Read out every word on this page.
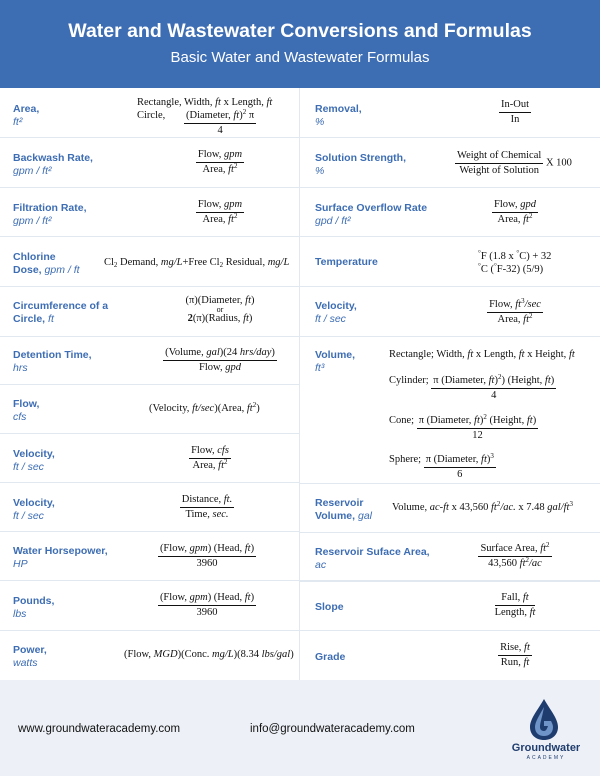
Water and Wastewater Conversions and Formulas
Basic Water and Wastewater Formulas
Area,
ft²
Rectangle, Width, ft x Length, ft
Circle, $\frac{(Diameter, ft)^2 \pi}{4}$
Backwash Rate,
gpm / ft²	$\frac{\text{Flow, gpm}}{Area, ft^2}$
Filtration Rate,
gpm / ft²	$\frac{\text{Flow, gpm}}{Area, ft^2}$
Chlorine
Dose, gpm / ft
$Cl_2$ Demand, mg/L+Free $Cl_2$ Residual, mg/L
Circumference of a
Circle, ft
(π)(Diameter, ft)
or
2(π)(Radius, ft)
Detention Time,
hrs	$\frac{\text{(Volume, gal)(24 hrs/day)}}{\text{Flow, gpd}}$
Flow,
cfs
(Velocity, ft/sec)(Area, $ft^2$)
Velocity,
ft / sec	$\frac{\text{Flow, cfs}}{Area, ft^2}$
Velocity,
ft / sec	$\frac{\text{Distance, ft.}}{\text{Time, sec.}}$
Water Horsepower,
HP	$\frac{\text{(Flow, gpm) (Head, ft)}}{3960}$
Pounds,
lbs	$\frac{\text{(Flow, gpm) (Head, ft)}}{3960}$
Power,
watts
(Flow, MGD)(Conc. mg/L)(8.34 lbs/gal)
Removal,
%	$\frac{\text{In-Out}}{In}$
Solution Strength,
%	$\frac{\text{Weight of Chemical}}{\text{Weight of Solution}}$ X 100
Surface Overflow Rate
gpd / ft²	$\frac{\text{Flow, gpd}}{Area, ft^2}$
Temperature
°F (1.8 x °C) + 32
°C (°F-32) (5/9)
Velocity,
ft / sec	$\frac{Flow, ft^3/\sec}{Area, ft^2}$
Volume,
ft³
Rectangle; Width, ft x Length, ft x Height, ft
Cylinder; $\frac{\pi (Diameter, ft)^2) (Height, ft)}{4}$
Cone; $\frac{\pi (Diameter, ft)^2 (Height, ft)}{12}$
Sphere; $\frac{\pi (Diameter, ft)^3}{6}$
Reservoir
Volume, gal
Volume, ac-ft x 43,560 $ft^2/ac$. x 7.48 gal/$ft^3$
Reservoir Suface Area,
ac	$\frac{Surface Area, ft^2}{43,560 ft^2/ac}$
Slope	$\frac{\text{Fall, ft}}{\text{Length, ft}}$
Grade	$\frac{\text{Rise, ft}}{\text{Run, ft}}$
www.groundwateracademy.com	info@groundwateracademy.com
Groundwater
ACADEMY
